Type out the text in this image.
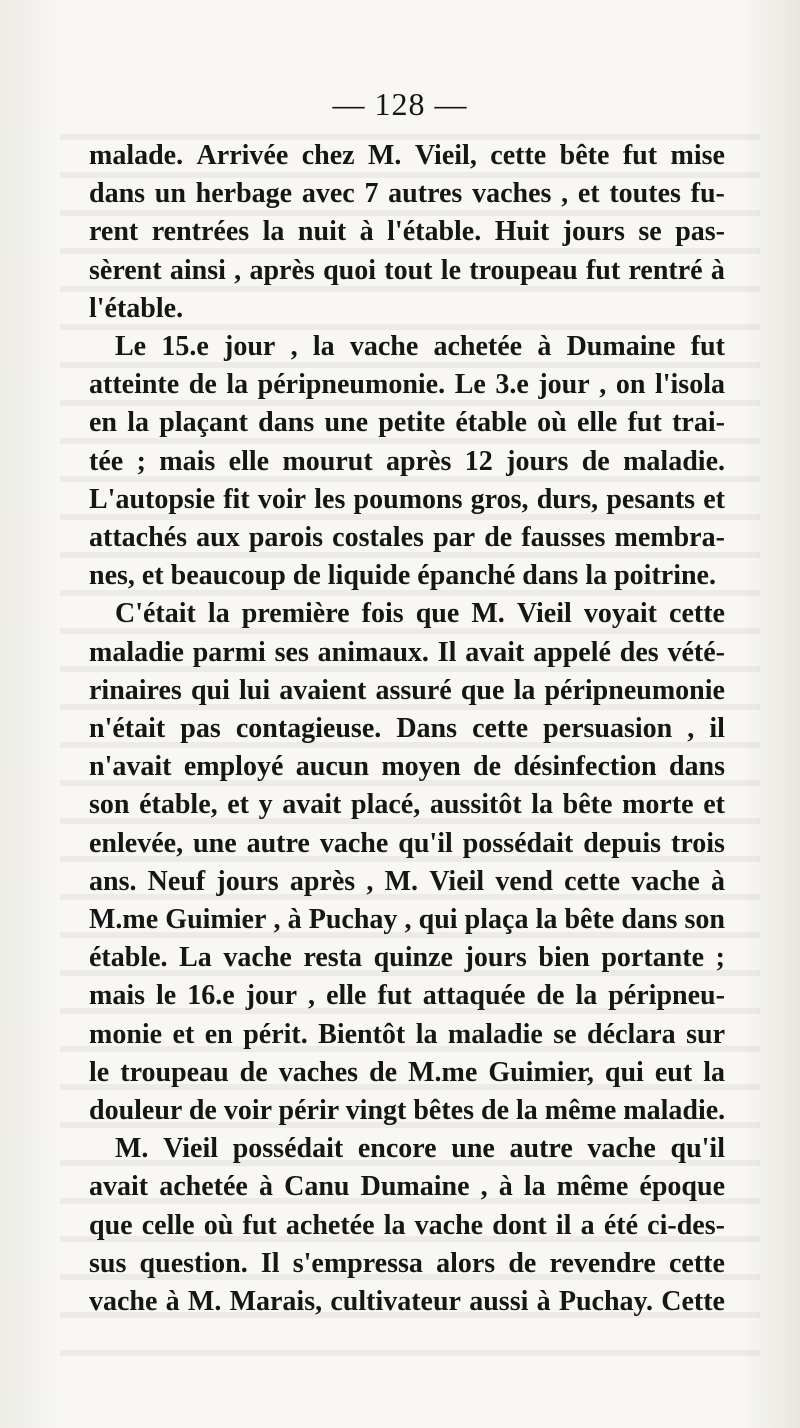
— 128 —
malade. Arrivée chez M. Vieil, cette bête fut mise
dans un herbage avec 7 autres vaches , et toutes fu-
rent rentrées la nuit à l'étable. Huit jours se pas-
sèrent ainsi , après quoi tout le troupeau fut rentré à
l'étable.
Le 15.e jour , la vache achetée à Dumaine fut
atteinte de la péripneumonie. Le 3.e jour , on l'isola
en la plaçant dans une petite étable où elle fut trai-
tée ; mais elle mourut après 12 jours de maladie.
L'autopsie fit voir les poumons gros, durs, pesants et
attachés aux parois costales par de fausses membra-
nes, et beaucoup de liquide épanché dans la poitrine.
C'était la première fois que M. Vieil voyait cette
maladie parmi ses animaux. Il avait appelé des vété-
rinaires qui lui avaient assuré que la péripneumonie
n'était pas contagieuse. Dans cette persuasion , il
n'avait employé aucun moyen de désinfection dans
son étable, et y avait placé, aussitôt la bête morte et
enlevée, une autre vache qu'il possédait depuis trois
ans. Neuf jours après , M. Vieil vend cette vache à
M.me Guimier , à Puchay , qui plaça la bête dans son
étable. La vache resta quinze jours bien portante ;
mais le 16.e jour , elle fut attaquée de la péripneu-
monie et en périt. Bientôt la maladie se déclara sur
le troupeau de vaches de M.me Guimier, qui eut la
douleur de voir périr vingt bêtes de la même maladie.
M. Vieil possédait encore une autre vache qu'il
avait achetée à Canu Dumaine , à la même époque
que celle où fut achetée la vache dont il a été ci-des-
sus question. Il s'empressa alors de revendre cette
vache à M. Marais, cultivateur aussi à Puchay. Cette
